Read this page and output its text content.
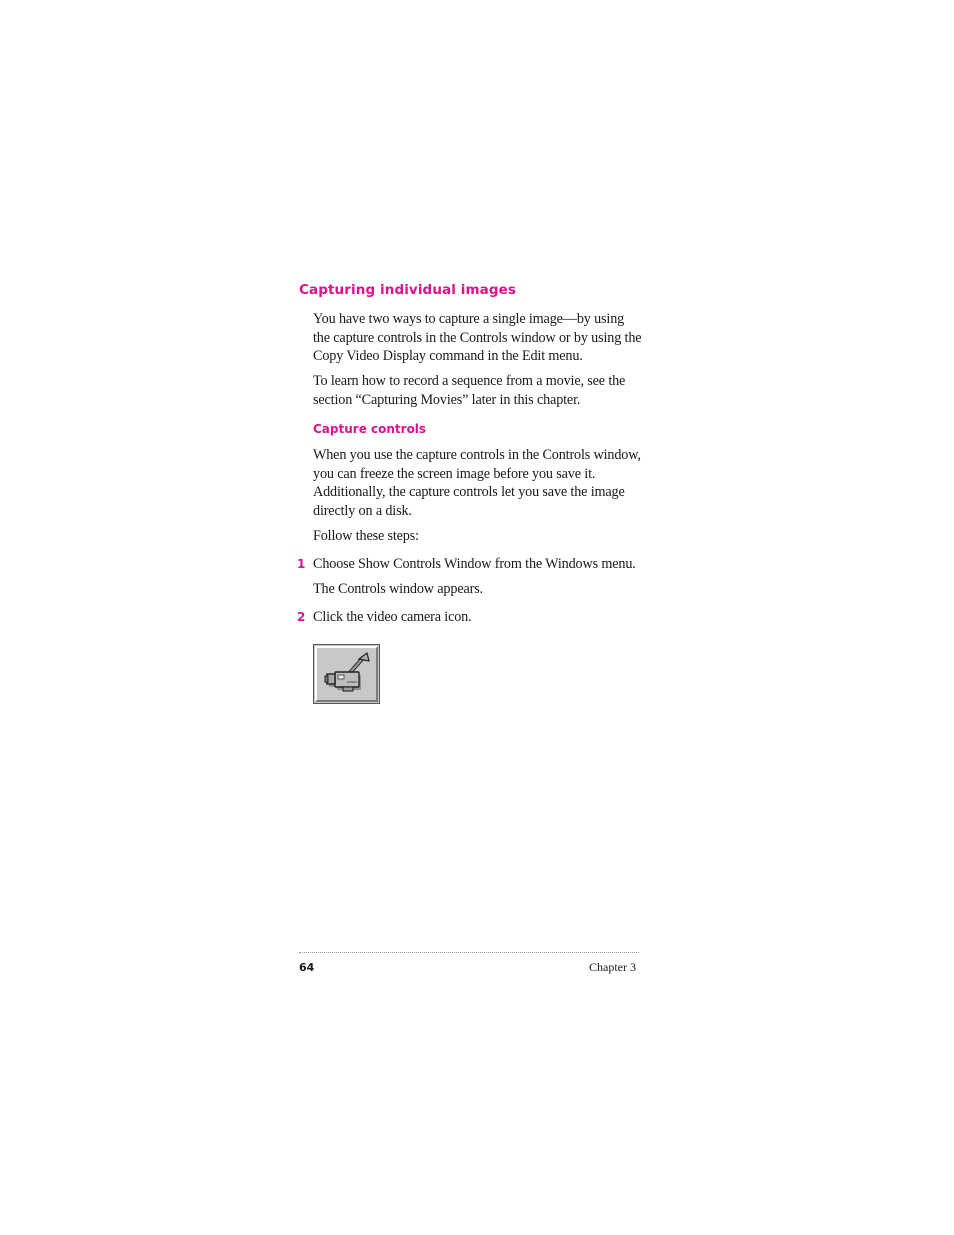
Capturing individual images

You have two ways to capture a single image—by using the capture controls in the Controls window or by using the Copy Video Display command in the Edit menu.

To learn how to record a sequence from a movie, see the section “Capturing Movies” later in this chapter.

Capture controls

When you use the capture controls in the Controls window, you can freeze the screen image before you save it. Additionally, the capture controls let you save the image directly on a disk.

Follow these steps:

1 Choose Show Controls Window from the Windows menu.

The Controls window appears.

2 Click the video camera icon.

64	Chapter 3
